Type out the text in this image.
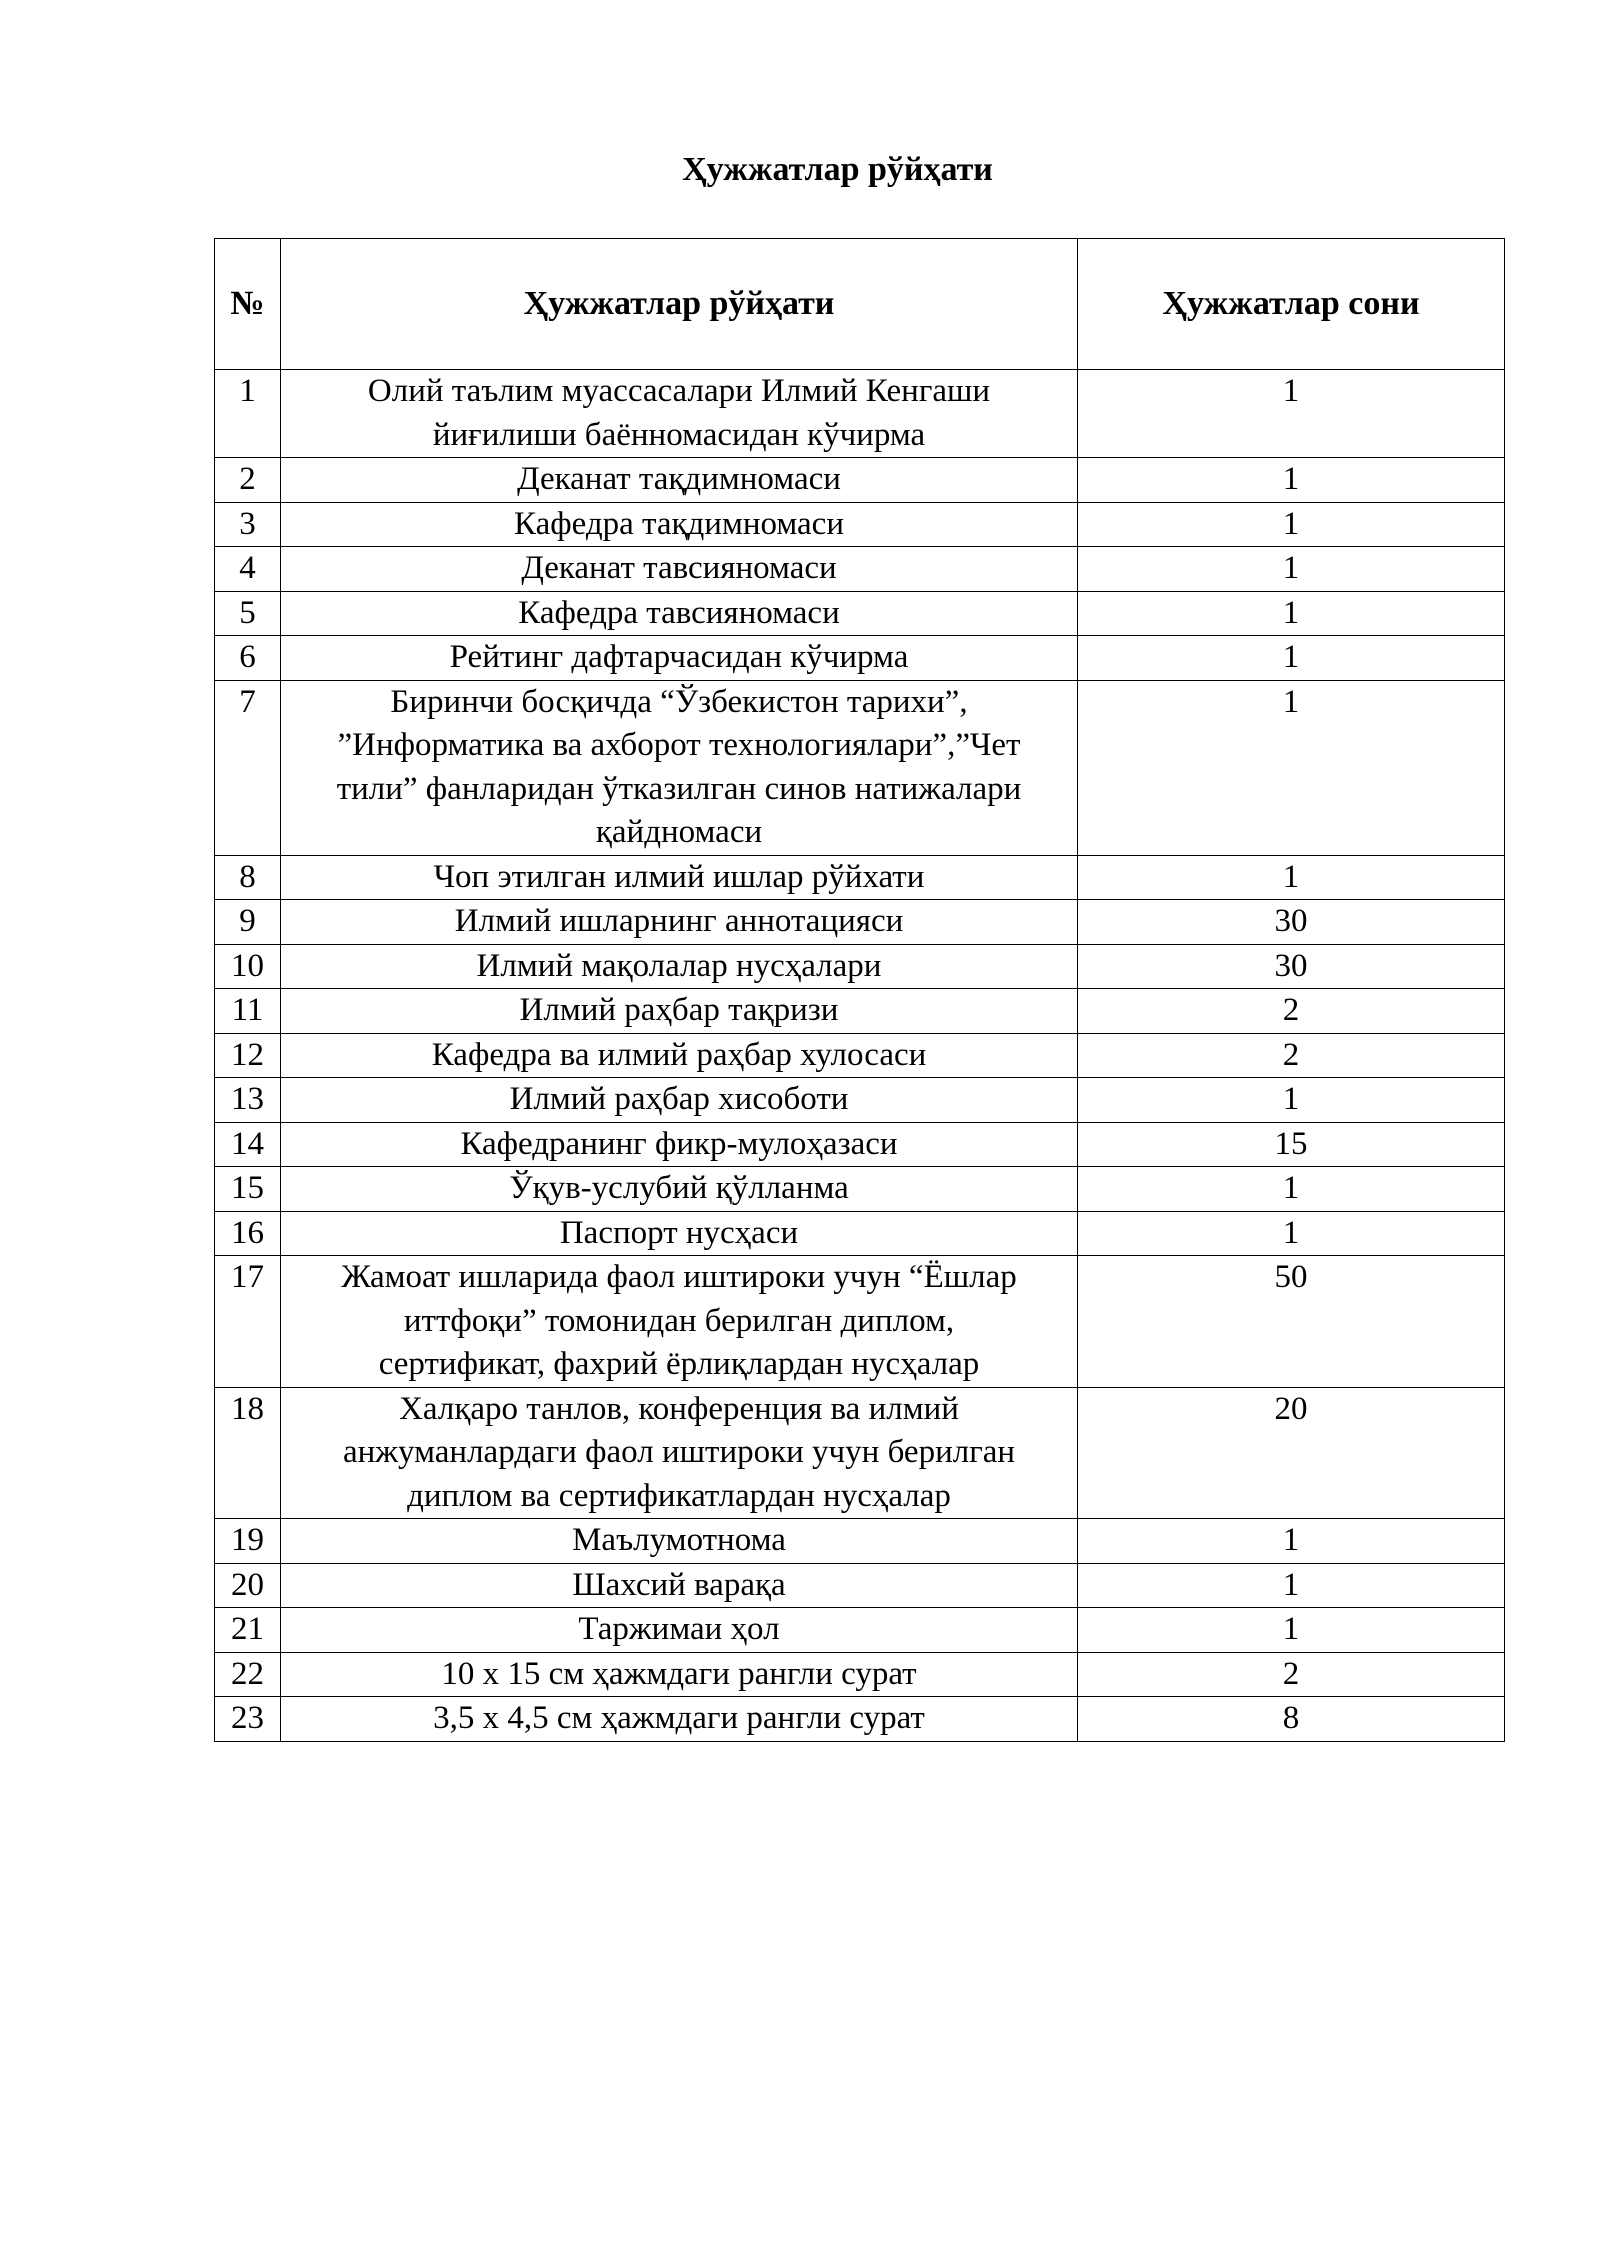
Ҳужжатлар рўйҳати
№	Ҳужжатлар рўйҳати	Ҳужжатлар сони
1	Олий таълим муассасалари Илмий Кенгаши йиғилиши баённомасидан кўчирма	1
2	Деканат тақдимномаси	1
3	Кафедра тақдимномаси	1
4	Деканат тавсияномаси	1
5	Кафедра тавсияномаси	1
6	Рейтинг дафтарчасидан кўчирма	1
7	Биринчи босқичда “Ўзбекистон тарихи”, ”Информатика ва ахборот технологиялари”,”Чет тили” фанларидан ўтказилган синов натижалари қайдномаси	1
8	Чоп этилган илмий ишлар рўйхати	1
9	Илмий ишларнинг аннотацияси	30
10	Илмий мақолалар нусҳалари	30
11	Илмий раҳбар тақризи	2
12	Кафедра ва илмий раҳбар хулосаси	2
13	Илмий раҳбар хисоботи	1
14	Кафедранинг фикр-мулоҳазаси	15
15	Ўқув-услубий қўлланма	1
16	Паспорт нусҳаси	1
17	Жамоат ишларида фаол иштироки учун “Ёшлар иттфоқи” томонидан берилган диплом, сертификат, фахрий ёрлиқлардан нусҳалар	50
18	Халқаро танлов, конференция ва илмий анжуманлардаги фаол иштироки учун берилган диплом ва сертификатлардан нусҳалар	20
19	Маълумотнома	1
20	Шахсий варақа	1
21	Таржимаи ҳол	1
22	10 х 15 см ҳажмдаги рангли сурат	2
23	3,5 х 4,5 см ҳажмдаги рангли сурат	8
